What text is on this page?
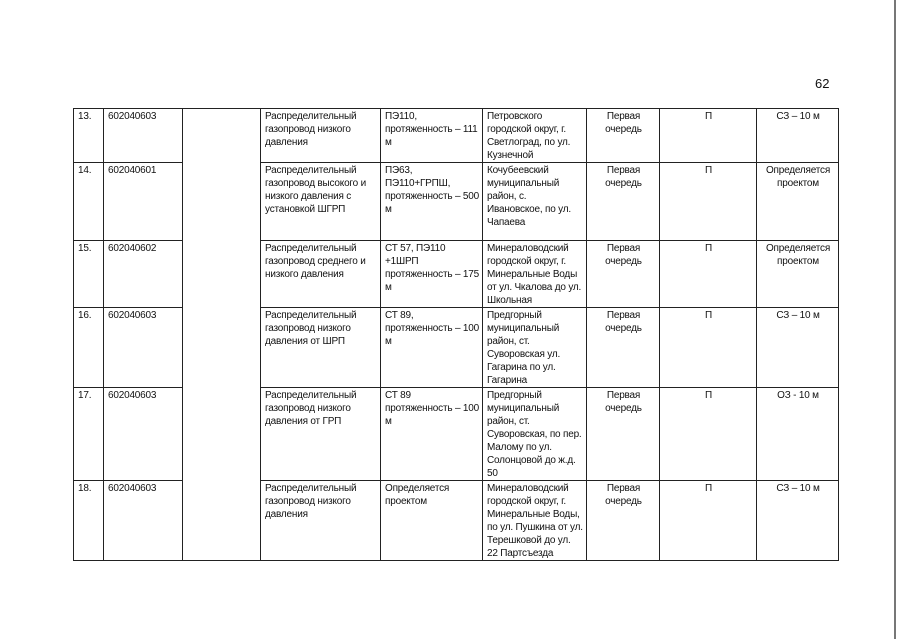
62
13.	602040603		Распределительный газопровод низкого давления	ПЭ110, протяженность – 111 м	Петровского городской округ, г. Светлоград, по ул. Кузнечной	Первая очередь	П	СЗ – 10 м
14.	602040601		Распределительный газопровод высокого и низкого давления с установкой ШГРП	ПЭ63, ПЭ110+ГРПШ, протяженность – 500 м	Кочубеевский муниципальный район, с. Ивановское, по ул. Чапаева	Первая очередь	П	Определяется проектом
15.	602040602		Распределительный газопровод среднего и низкого давления	СТ 57, ПЭ110 +1ШРП протяженность – 175 м	Минераловодский городской округ, г. Минеральные Воды от ул. Чкалова до ул. Школьная	Первая очередь	П	Определяется проектом
16.	602040603		Распределительный газопровод низкого давления от ШРП	СТ 89, протяженность – 100 м	Предгорный муниципальный район, ст. Суворовская ул. Гагарина по ул. Гагарина	Первая очередь	П	СЗ – 10 м
17.	602040603		Распределительный газопровод низкого давления от ГРП	СТ 89 протяженность – 100 м	Предгорный муниципальный район, ст. Суворовская, по пер. Малому по ул. Солонцовой до ж.д. 50	Первая очередь	П	ОЗ - 10 м
18.	602040603		Распределительный газопровод низкого давления	Определяется проектом	Минераловодский городской округ, г. Минеральные Воды, по ул. Пушкина от ул. Терешковой до ул. 22 Партсъезда	Первая очередь	П	СЗ – 10 м
